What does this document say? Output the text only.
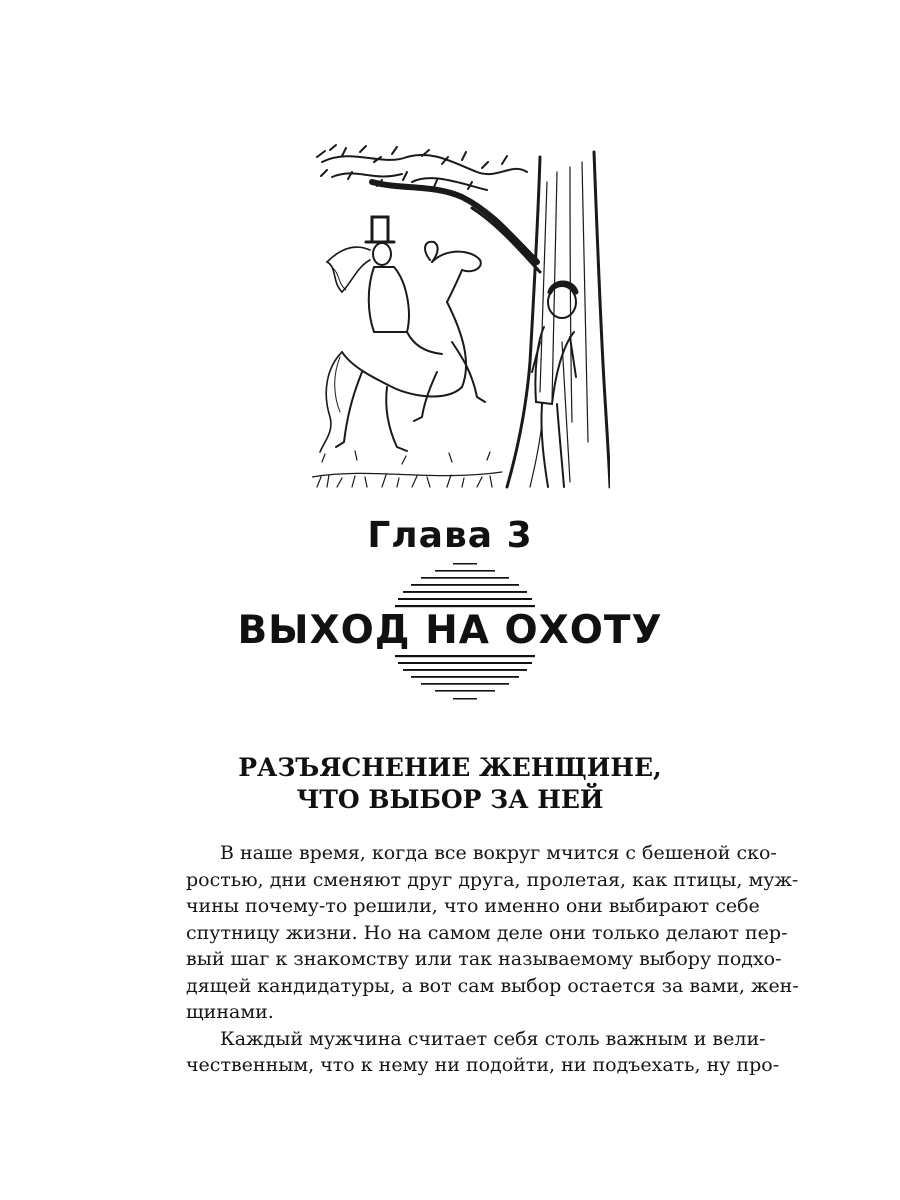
Глава 3
ВЫХОД НА ОХОТУ
РАЗЪЯСНЕНИЕ ЖЕНЩИНЕ,
ЧТО ВЫБОР ЗА НЕЙ
В наше время, когда все вокруг мчится с бешеной ско-
ростью, дни сменяют друг друга, пролетая, как птицы, муж-
чины почему-то решили, что именно они выбирают себе
спутницу жизни. Но на самом деле они только делают пер-
вый шаг к знакомству или так называемому выбору подхо-
дящей кандидатуры, а вот сам выбор остается за вами, жен-
щинами.
Каждый мужчина считает себя столь важным и вели-
чественным, что к нему ни подойти, ни подъехать, ну про-
